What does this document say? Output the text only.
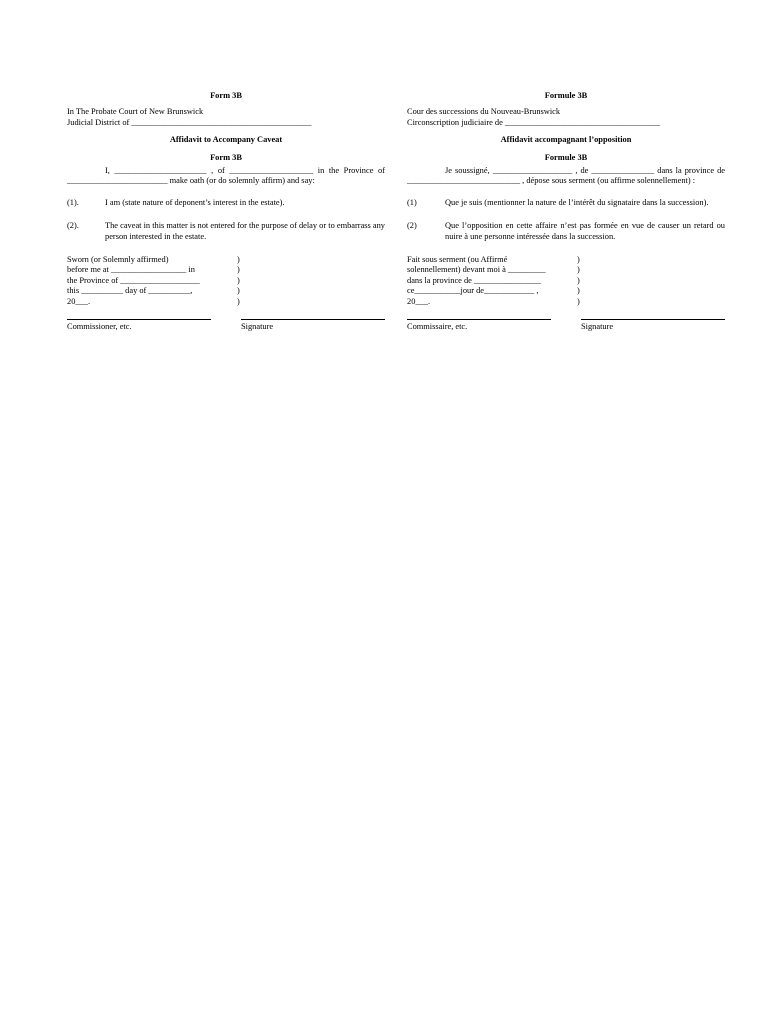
Form 3B
In The Probate Court of New Brunswick
Judicial District of ___________________________________________
Affidavit to Accompany Caveat
Form 3B
I, ______________________ , of ____________________ in the Province of ________________________ make oath (or do solemnly affirm) and say:
(1).	I am (state nature of deponent’s interest in the estate).
(2).	The caveat in this matter is not entered for the purpose of delay or to embarrass any person interested in the estate.
Sworn (or Solemnly affirmed)	)
before me at __________________ in	)
the Province of ___________________	)
this __________ day of __________,	)
20___.	)
Commissioner, etc.	Signature
Formule 3B
Cour des successions du Nouveau-Brunswick
Circonscription judiciaire de _____________________________________
Affidavit accompagnant l’opposition
Formule 3B
Je soussigné, ___________________ , de _______________ dans la province de ___________________________ , dépose sous serment (ou affirme solennellement) :
(1)	Que je suis (mentionner la nature de l’intérêt du signataire dans la succession).
(2)	Que l’opposition en cette affaire n’est pas formée en vue de causer un retard ou nuire à une personne intéressée dans la succession.
Fait sous serment (ou Affirmé	)
solennellement) devant moi à _________	)
dans la province de ________________	)
ce___________jour de____________ ,	)
20___.	)
Commissaire, etc.	Signature
